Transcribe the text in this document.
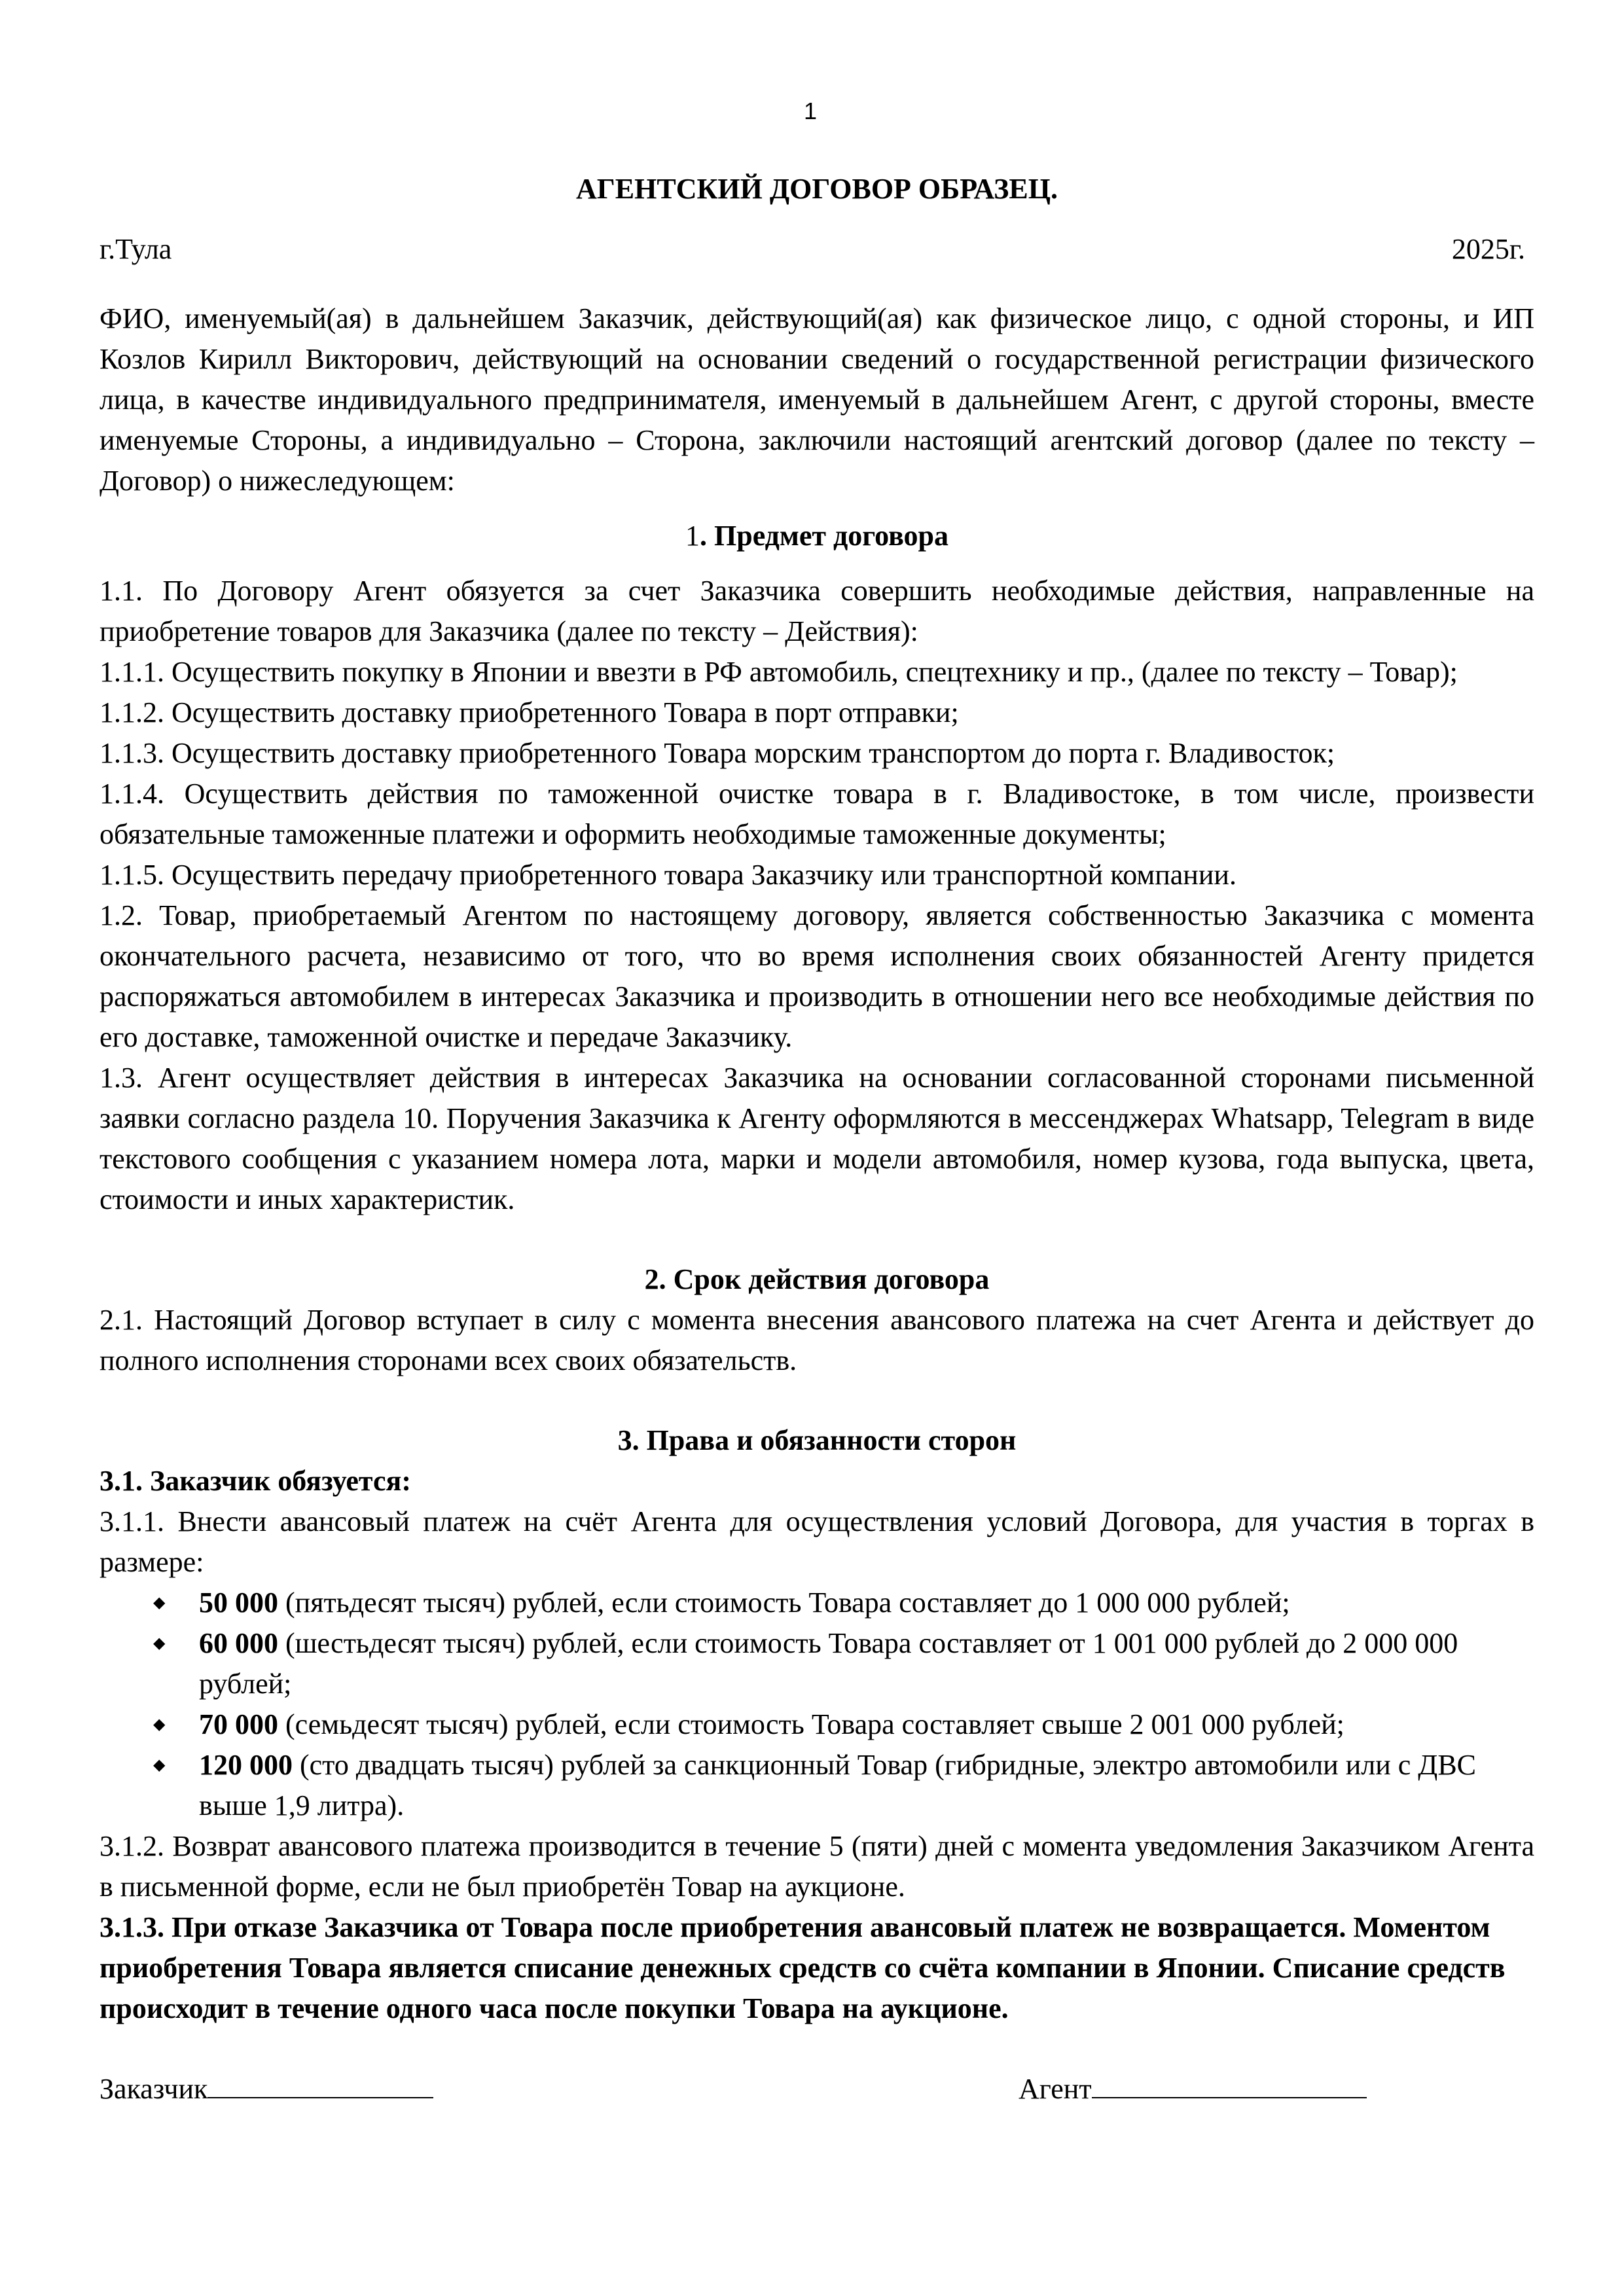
1
АГЕНТСКИЙ ДОГОВОР ОБРАЗЕЦ.
г.Тула	2025г.

ФИО, именуемый(ая) в дальнейшем Заказчик, действующий(ая) как физическое лицо, с одной стороны, и ИП Козлов Кирилл Викторович, действующий на основании сведений о государственной регистрации физического лица, в качестве индивидуального предпринимателя, именуемый в дальнейшем Агент, с другой стороны, вместе именуемые Стороны, а индивидуально – Сторона, заключили настоящий агентский договор (далее по тексту – Договор) о нижеследующем:

1. Предмет договора

1.1. По Договору Агент обязуется за счет Заказчика совершить необходимые действия, направленные на приобретение товаров для Заказчика (далее по тексту – Действия):

1.1.1. Осуществить покупку в Японии и ввезти в РФ автомобиль, спецтехнику и пр., (далее по тексту – Товар);

1.1.2. Осуществить доставку приобретенного Товара в порт отправки;

1.1.3. Осуществить доставку приобретенного Товара морским транспортом до порта г. Владивосток;

1.1.4. Осуществить действия по таможенной очистке товара в г. Владивостоке, в том числе, произвести обязательные таможенные платежи и оформить необходимые таможенные документы;

1.1.5. Осуществить передачу приобретенного товара Заказчику или транспортной компании.

1.2. Товар, приобретаемый Агентом по настоящему договору, является собственностью Заказчика с момента окончательного расчета, независимо от того, что во время исполнения своих обязанностей Агенту придется распоряжаться автомобилем в интересах Заказчика и производить в отношении него все необходимые действия по его доставке, таможенной очистке и передаче Заказчику.

1.3. Агент осуществляет действия в интересах Заказчика на основании согласованной сторонами письменной заявки согласно раздела 10. Поручения Заказчика к Агенту оформляются в мессенджерах Whatsapp, Telegram в виде текстового сообщения с указанием номера лота, марки и модели автомобиля, номер кузова, года выпуска, цвета, стоимости и иных характеристик.

2. Срок действия договора

2.1. Настоящий Договор вступает в силу с момента внесения авансового платежа на счет Агента и действует до полного исполнения сторонами всех своих обязательств.

3. Права и обязанности сторон

3.1. Заказчик обязуется:

3.1.1. Внести авансовый платеж на счёт Агента для осуществления условий Договора, для участия в торгах в размере:

◆ 50 000 (пятьдесят тысяч) рублей, если стоимость Товара составляет до 1 000 000 рублей;
◆ 60 000 (шестьдесят тысяч) рублей, если стоимость Товара составляет от 1 001 000 рублей до 2 000 000 рублей;
◆ 70 000 (семьдесят тысяч) рублей, если стоимость Товара составляет свыше 2 001 000 рублей;
◆ 120 000 (сто двадцать тысяч) рублей за санкционный Товар (гибридные, электро автомобили или с ДВС выше 1,9 литра).

3.1.2. Возврат авансового платежа производится в течение 5 (пяти) дней с момента уведомления Заказчиком Агента в письменной форме, если не был приобретён Товар на аукционе.

3.1.3. При отказе Заказчика от Товара после приобретения авансовый платеж не возвращается. Моментом приобретения Товара является списание денежных средств со счёта компании в Японии. Списание средств происходит в течение одного часа после покупки Товара на аукционе.

Заказчик	Агент
